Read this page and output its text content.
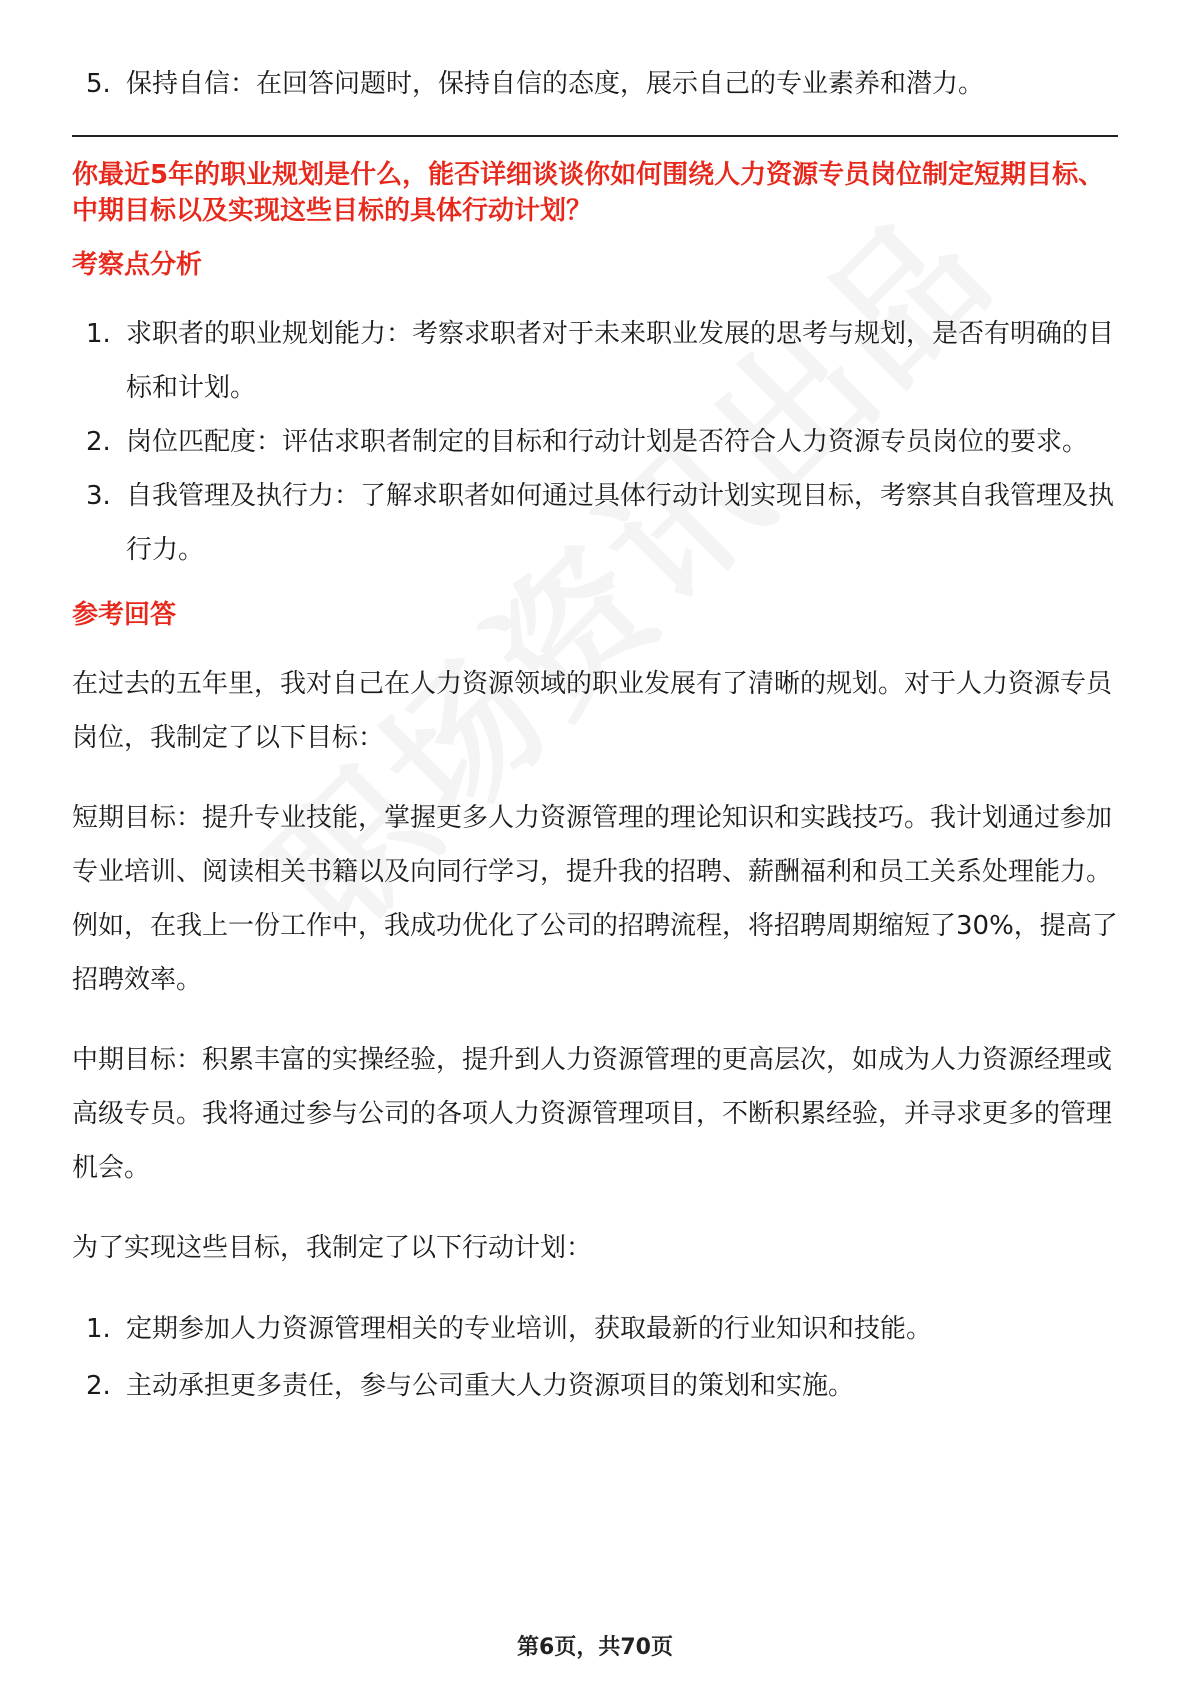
5. 保持自信：在回答问题时，保持自信的态度，展示自己的专业素养和潜力。
你最近5年的职业规划是什么，能否详细谈谈你如何围绕人力资源专员岗位制定短期目标、中期目标以及实现这些目标的具体行动计划？
考察点分析
1. 求职者的职业规划能力：考察求职者对于未来职业发展的思考与规划，是否有明确的目标和计划。
2. 岗位匹配度：评估求职者制定的目标和行动计划是否符合人力资源专员岗位的要求。
3. 自我管理及执行力：了解求职者如何通过具体行动计划实现目标，考察其自我管理及执行力。
参考回答

在过去的五年里，我对自己在人力资源领域的职业发展有了清晰的规划。对于人力资源专员岗位，我制定了以下目标：

短期目标：提升专业技能，掌握更多人力资源管理的理论知识和实践技巧。我计划通过参加专业培训、阅读相关书籍以及向同行学习，提升我的招聘、薪酬福利和员工关系处理能力。例如，在我上一份工作中，我成功优化了公司的招聘流程，将招聘周期缩短了30%，提高了招聘效率。

中期目标：积累丰富的实操经验，提升到人力资源管理的更高层次，如成为人力资源经理或高级专员。我将通过参与公司的各项人力资源管理项目，不断积累经验，并寻求更多的管理机会。

为了实现这些目标，我制定了以下行动计划：

1. 定期参加人力资源管理相关的专业培训，获取最新的行业知识和技能。
2. 主动承担更多责任，参与公司重大人力资源项目的策划和实施。
第6页，共70页
